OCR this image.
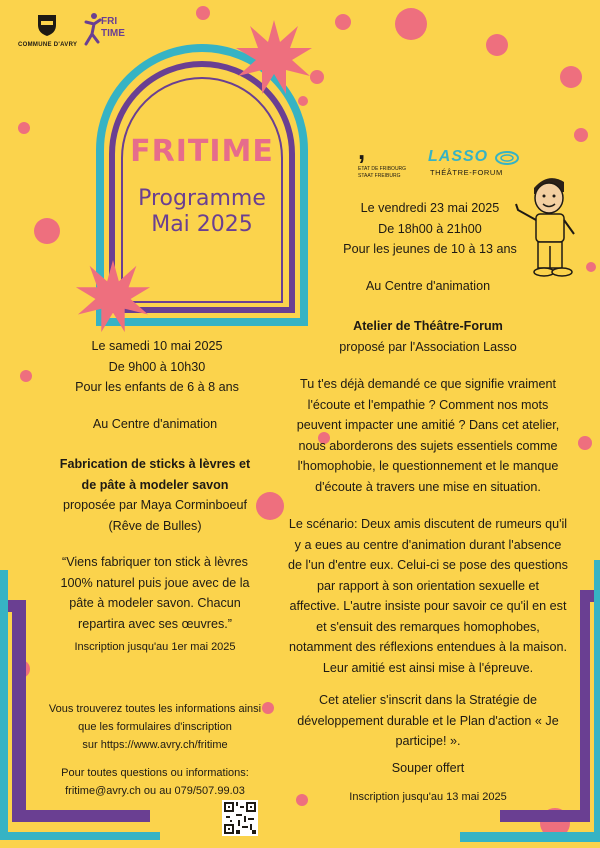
COMMUNE D'AVRY
FRI
TIME
FRITIME
Programme
Mai 2025
,
ETAT DE FRIBOURG
STAAT FREIBURG
LASSO
THÉÂTRE-FORUM
Le vendredi 23 mai 2025
De 18h00 à 21h00
Pour les jeunes de 10 à 13 ans
Au Centre d'animation
Atelier de Théâtre-Forum
proposé par l'Association Lasso
Tu t'es déjà demandé ce que signifie vraiment
l'écoute et l'empathie ? Comment nos mots
peuvent impacter une amitié ? Dans cet atelier,
nous aborderons des sujets essentiels comme
l'homophobie, le questionnement et le manque
d'écoute à travers une mise en situation.
Le scénario: Deux amis discutent de rumeurs qu'il
y a eues au centre d'animation durant l'absence
de l'un d'entre eux. Celui-ci se pose des questions
par rapport à son orientation sexuelle et
affective. L'autre insiste pour savoir ce qu'il en est
et s'ensuit des remarques homophobes,
notamment des réflexions entendues à la maison.
Leur amitié est ainsi mise à l'épreuve.
Cet atelier s'inscrit dans la Stratégie de
développement durable et le Plan d'action « Je
participe! ».
Souper offert
Inscription jusqu'au 13 mai 2025
Le samedi 10 mai 2025
De 9h00 à 10h30
Pour les enfants de 6 à 8 ans
Au Centre d'animation
Fabrication de sticks à lèvres et
de pâte à modeler savon
proposée par Maya Corminboeuf
(Rêve de Bulles)
“Viens fabriquer ton stick à lèvres
100% naturel puis joue avec de la
pâte à modeler savon. Chacun
repartira avec ses œuvres.”
Inscription jusqu'au 1er mai 2025
Vous trouverez toutes les informations ainsi
que les formulaires d'inscription
sur https://www.avry.ch/fritime
Pour toutes questions ou informations:
fritime@avry.ch ou au 079/507.99.03
